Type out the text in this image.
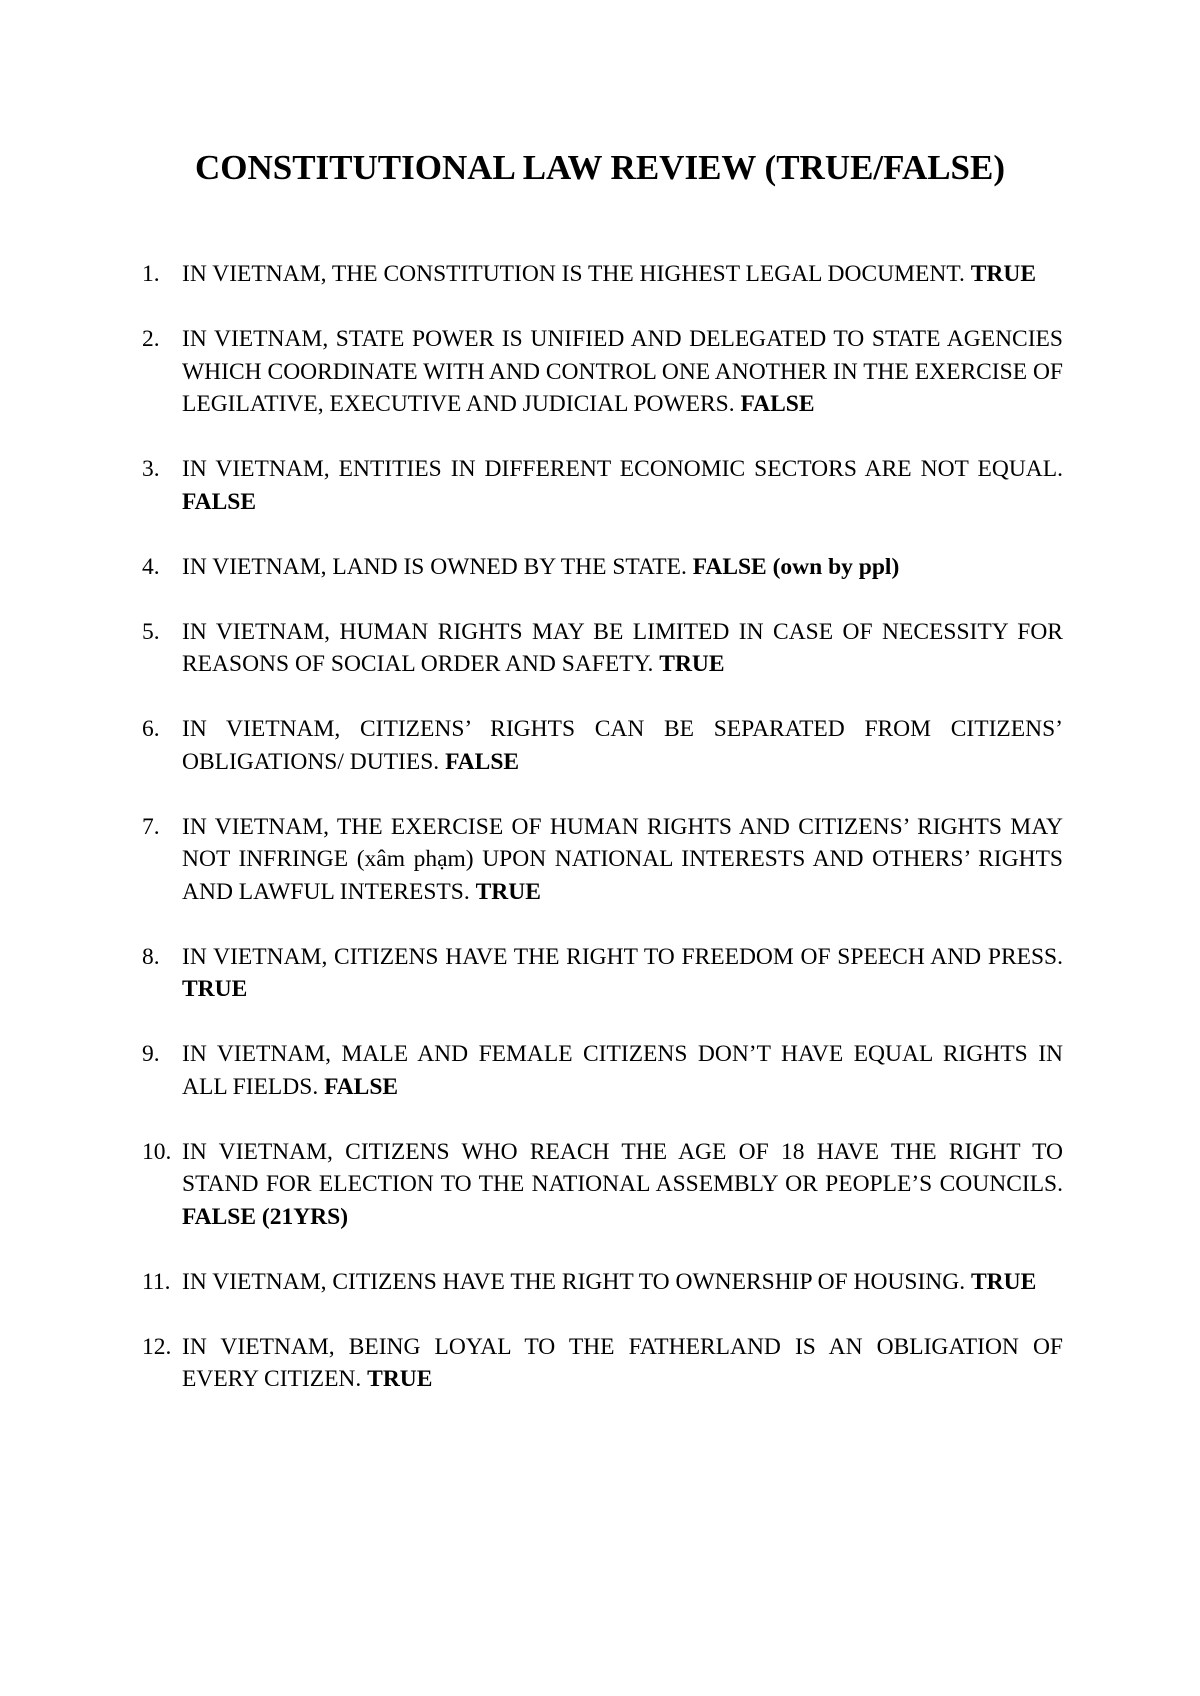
CONSTITUTIONAL LAW REVIEW (TRUE/FALSE)
1. IN VIETNAM, THE CONSTITUTION IS THE HIGHEST LEGAL DOCUMENT. TRUE
2. IN VIETNAM, STATE POWER IS UNIFIED AND DELEGATED TO STATE AGENCIES WHICH COORDINATE WITH AND CONTROL ONE ANOTHER IN THE EXERCISE OF LEGILATIVE, EXECUTIVE AND JUDICIAL POWERS. FALSE
3. IN VIETNAM, ENTITIES IN DIFFERENT ECONOMIC SECTORS ARE NOT EQUAL. FALSE
4. IN VIETNAM, LAND IS OWNED BY THE STATE. FALSE (own by ppl)
5. IN VIETNAM, HUMAN RIGHTS MAY BE LIMITED IN CASE OF NECESSITY FOR REASONS OF SOCIAL ORDER AND SAFETY. TRUE
6. IN VIETNAM, CITIZENS’ RIGHTS CAN BE SEPARATED FROM CITIZENS’ OBLIGATIONS/ DUTIES. FALSE
7. IN VIETNAM, THE EXERCISE OF HUMAN RIGHTS AND CITIZENS’ RIGHTS MAY NOT INFRINGE (xâm phạm) UPON NATIONAL INTERESTS AND OTHERS’ RIGHTS AND LAWFUL INTERESTS. TRUE
8. IN VIETNAM, CITIZENS HAVE THE RIGHT TO FREEDOM OF SPEECH AND PRESS. TRUE
9. IN VIETNAM, MALE AND FEMALE CITIZENS DON’T HAVE EQUAL RIGHTS IN ALL FIELDS. FALSE
10. IN VIETNAM, CITIZENS WHO REACH THE AGE OF 18 HAVE THE RIGHT TO STAND FOR ELECTION TO THE NATIONAL ASSEMBLY OR PEOPLE’S COUNCILS. FALSE (21YRS)
11. IN VIETNAM, CITIZENS HAVE THE RIGHT TO OWNERSHIP OF HOUSING. TRUE
12. IN VIETNAM, BEING LOYAL TO THE FATHERLAND IS AN OBLIGATION OF EVERY CITIZEN. TRUE
